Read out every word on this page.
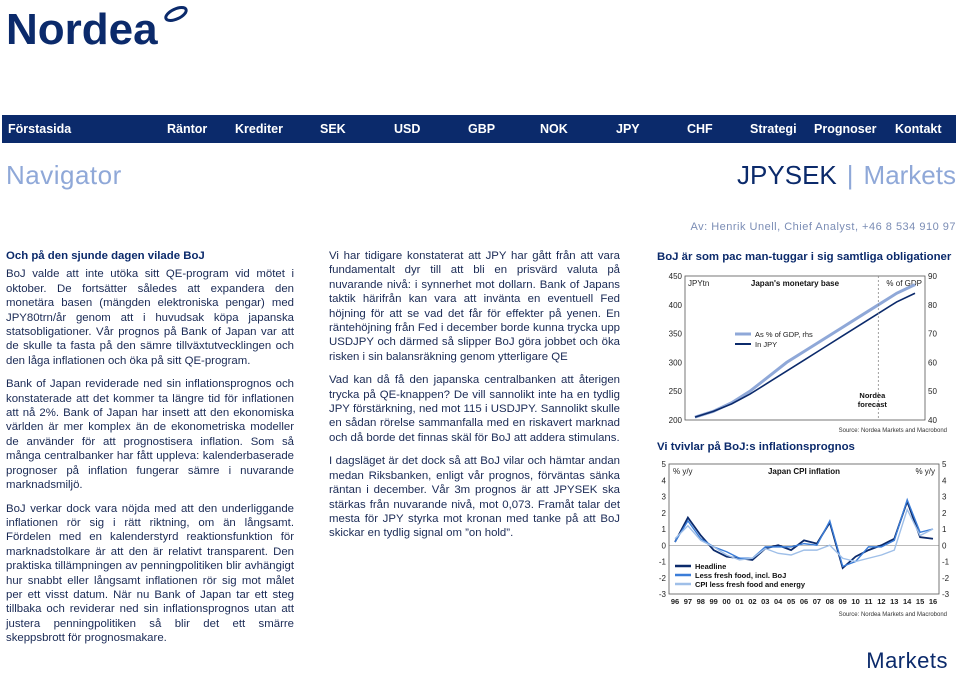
Nordea
Förstasida	Räntor Krediter	SEK	USD	GBP	NOK	JPY	CHF	Strategi Prognoser Kontakt
Navigator	JPYSEK | Markets
Av: Henrik Unell, Chief Analyst, +46 8 534 910 97

Och på den sjunde dagen vilade BoJ

BoJ valde att inte utöka sitt QE-program vid mötet i oktober. De fortsätter således att expandera den monetära basen (mängden elektroniska pengar) med JPY80trn/år genom att i huvudsak köpa japanska statsobligationer. Vår prognos på Bank of Japan var att de skulle ta fasta på den sämre tillväxtutvecklingen och den låga inflationen och öka på sitt QE-program.

Bank of Japan reviderade ned sin inflationsprognos och konstaterade att det kommer ta längre tid för inflationen att nå 2%. Bank of Japan har insett att den ekonomiska världen är mer komplex än de ekonometriska modeller de använder för att prognostisera inflation. Som så många centralbanker har fått uppleva: kalenderbaserade prognoser på inflation fungerar sämre i nuvarande marknadsmiljö.

BoJ verkar dock vara nöjda med att den underliggande inflationen rör sig i rätt riktning, om än långsamt. Fördelen med en kalenderstyrd reaktionsfunktion för marknadstolkare är att den är relativt transparent. Den praktiska tillämpningen av penningpolitiken blir avhängigt hur snabbt eller långsamt inflationen rör sig mot målet per ett visst datum. När nu Bank of Japan tar ett steg tillbaka och reviderar ned sin inflationsprognos utan att justera penningpolitiken så blir det ett smärre skeppsbrott för prognosmakare.

Vi har tidigare konstaterat att JPY har gått från att vara fundamentalt dyr till att bli en prisvärd valuta på nuvarande nivå: i synnerhet mot dollarn. Bank of Japans taktik härifrån kan vara att invänta en eventuell Fed höjning för att se vad det får för effekter på yenen. En räntehöjning från Fed i december borde kunna trycka upp USDJPY och därmed så slipper BoJ göra jobbet och öka risken i sin balansräkning genom ytterligare QE

Vad kan då få den japanska centralbanken att återigen trycka på QE-knappen? De vill sannolikt inte ha en tydlig JPY förstärkning, ned mot 115 i USDJPY. Sannolikt skulle en sådan rörelse sammanfalla med en riskavert marknad och då borde det finnas skäl för BoJ att addera stimulans.

I dagsläget är det dock så att BoJ vilar och hämtar andan medan Riksbanken, enligt vår prognos, förväntas sänka räntan i december. Vår 3m prognos är att JPYSEK ska stärkas från nuvarande nivå, mot 0,073. Framåt talar det mesta för JPY styrka mot kronan med tanke på att BoJ skickar en tydlig signal om ”on hold”.

BoJ är som pac man-tuggar i sig samtliga obligationer
200
250
300
350
400
450
40
50
60
70
80
90
JPYtn	% of GDP
Japan's monetary base
As % of GDP, rhs
In JPY
Nordea
forecast
Source: Nordea Markets and Macrobond
Vi tvivlar på BoJ:s inflationsprognos
-3	-3
-2	-2
-1	-1
0	0
1	1
2	2
3	3
4	4
5	5
% y/y	% y/y
Japan CPI inflation
96 97 98 99 00 01 02 03 04 05 06 07 08 09 10 11 12 13 14 15 16
Headline
Less fresh food, incl. BoJ
CPI less fresh food and energy
Source: Nordea Markets and Macrobond
Markets
